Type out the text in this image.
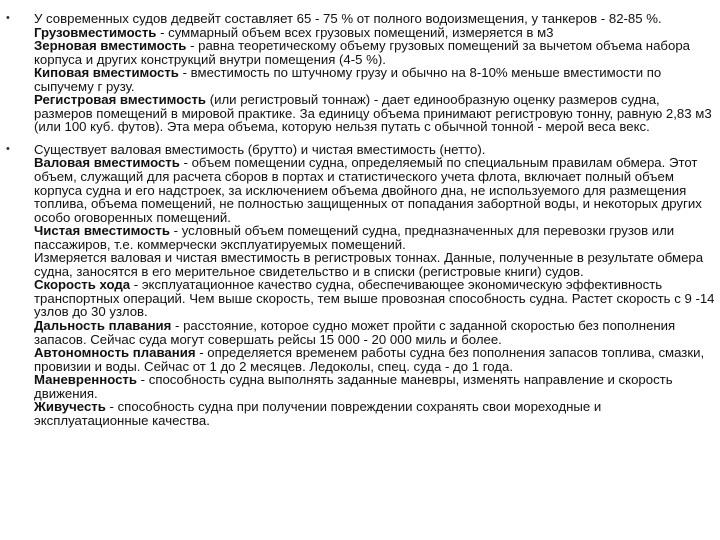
• У современных судов дедвейт составляет 65 - 75 % от полного водоизмещения, у танкеров - 82-85 %.
Грузовместимость - суммарный объем всех грузовых помещений, измеряется в м3
Зерновая вместимость - равна теоретическому объему грузовых помещений за вычетом объема набора корпуса и других конструкций внутри помещения (4-5 %).
Киповая вместимость - вместимость по штучному грузу и обычно на 8-10% меньше вместимости по сыпучему г рузу.
Регистровая вместимость (или регистровый тоннаж) - дает единообразную оценку размеров судна, размеров помещений в мировой практике. За единицу объема принимают регистровую тонну, равную 2,83 м3 (или 100 куб. футов). Эта мера объема, которую нельзя путать с обычной тонной - мерой веса векс.
• Существует валовая вместимость (брутто) и чистая вместимость (нетто).
Валовая вместимость - объем помещении судна, определяемый по специальным правилам обмера. Этот объем, служащий для расчета сборов в портах и статистического учета флота, включает полный объем корпуса судна и его надстроек, за исключением объема двойного дна, не используемого для размещения топлива, объема помещений, не полностью защищенных от попадания забортной воды, и некоторых других особо оговоренных помещений.
Чистая вместимость - условный объем помещений судна, предназначенных для перевозки грузов или пассажиров, т.е. коммерчески эксплуатируемых помещений.
Измеряется валовая и чистая вместимость в регистровых тоннах. Данные, полученные в результате обмера судна, заносятся в его мерительное свидетельство и в списки (регистровые книги) судов.
Скорость хода - эксплуатационное качество судна, обеспечивающее экономическую эффективность транспортных операций. Чем выше скорость, тем выше провозная способность судна. Растет скорость с 9 -14 узлов до 30 узлов.
Дальность плавания - расстояние, которое судно может пройти с заданной скоростью без пополнения запасов. Сейчас суда могут совершать рейсы 15 000 - 20 000 миль и более.
Автономность плавания - определяется временем работы судна без пополнения запасов топлива, смазки, провизии и воды. Сейчас от 1 до 2 месяцев. Ледоколы, спец. суда - до 1 года.
Маневренность - способность судна выполнять заданные маневры, изменять направление и скорость движения.
Живучесть - способность судна при получении повреждении сохранять свои мореходные и эксплуатационные качества.
